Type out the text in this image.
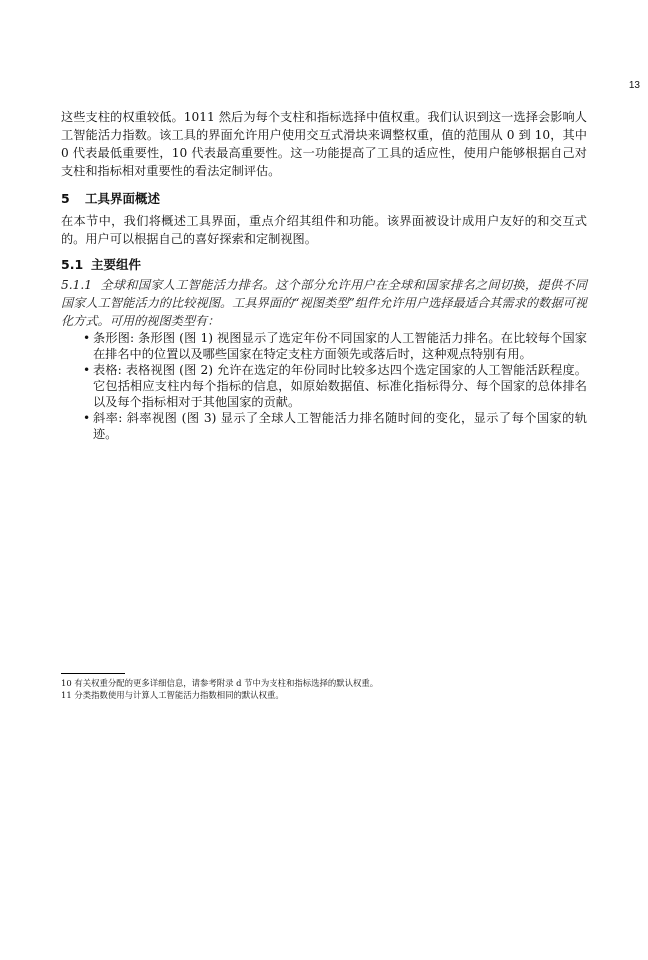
13

这些支柱的权重较低。1011 然后为每个支柱和指标选择中值权重。我们认识到这一选择会影响人工智能活力指数。该工具的界面允许用户使用交互式滑块来调整权重，值的范围从 0 到 10，其中 0 代表最低重要性，10 代表最高重要性。这一功能提高了工具的适应性，使用户能够根据自己对支柱和指标相对重要性的看法定制评估。

5 工具界面概述

在本节中，我们将概述工具界面，重点介绍其组件和功能。该界面被设计成用户友好的和交互式的。用户可以根据自己的喜好探索和定制视图。

5.1 主要组件

5.1.1 全球和国家人工智能活力排名。这个部分允许用户在全球和国家排名之间切换，提供不同国家人工智能活力的比较视图。工具界面的“视图类型”组件允许用户选择最适合其需求的数据可视化方式。可用的视图类型有：

• 条形图: 条形图 (图 1) 视图显示了选定年份不同国家的人工智能活力排名。在比较每个国家在排名中的位置以及哪些国家在特定支柱方面领先或落后时，这种观点特别有用。
• 表格: 表格视图 (图 2) 允许在选定的年份同时比较多达四个选定国家的人工智能活跃程度。它包括相应支柱内每个指标的信息，如原始数据值、标准化指标得分、每个国家的总体排名以及每个指标相对于其他国家的贡献。
• 斜率: 斜率视图 (图 3) 显示了全球人工智能活力排名随时间的变化，显示了每个国家的轨迹。
10 有关权重分配的更多详细信息，请参考附录 d 节中为支柱和指标选择的默认权重。
11 分类指数使用与计算人工智能活力指数相同的默认权重。
